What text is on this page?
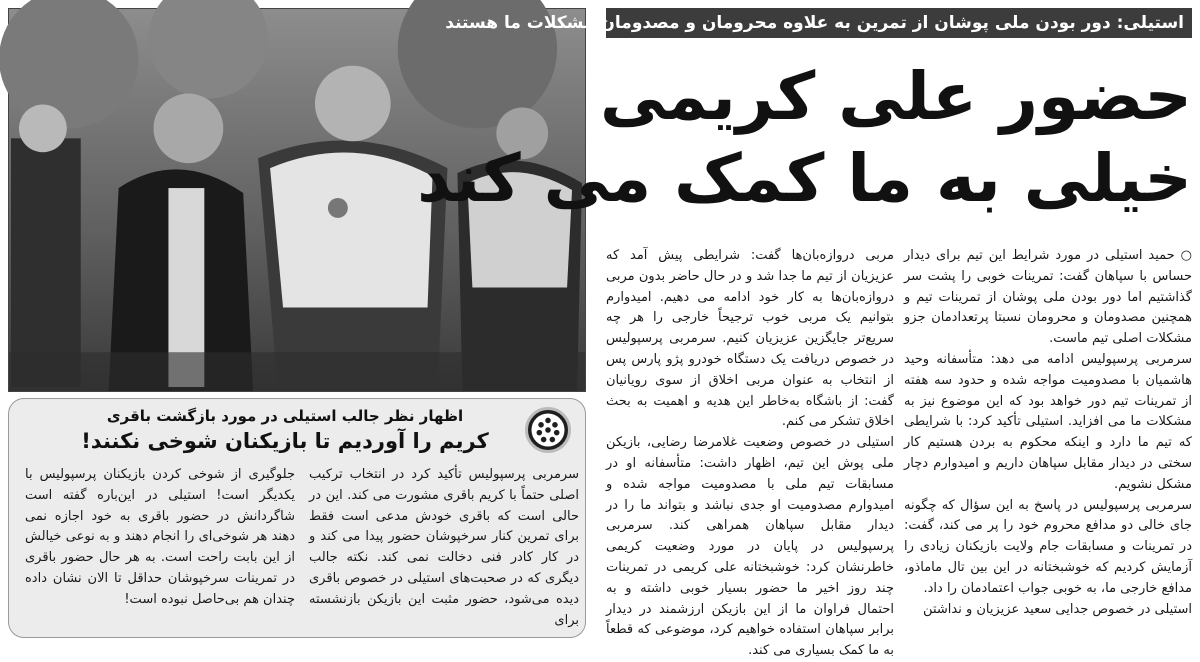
استیلی: دور بودن ملی پوشان از تمرین به علاوه محرومان و مصدومان مشکلات ما هستند
حضور علی کریمی
خیلی به ما کمک می کند

○ حمید استیلی در مورد شرایط این تیم برای دیدار حساس با سپاهان گفت: تمرینات خوبی را پشت سر گذاشتیم اما دور بودن ملی پوشان از تمرینات تیم و همچنین مصدومان و محرومان نسبتا پرتعدادمان جزو مشکلات اصلی تیم ماست.

سرمربی پرسپولیس ادامه می دهد: متأسفانه وحید هاشمیان با مصدومیت مواجه شده و حدود سه هفته از تمرینات تیم دور خواهد بود که این موضوع نیز به مشکلات ما می افزاید. استیلی تأکید کرد: با شرایطی که تیم ما دارد و اینکه محکوم به بردن هستیم کار سختی در دیدار مقابل سپاهان داریم و امیدوارم دچار مشکل نشویم.

سرمربی پرسپولیس در پاسخ به این سؤال که چگونه جای خالی دو مدافع محروم خود را پر می کند، گفت: در تمرینات و مسابقات جام ولایت بازیکنان زیادی را آزمایش کردیم که خوشبختانه در این بین تال ماماذو، مدافع خارجی ما، به خوبی جواب اعتمادمان را داد.

استیلی در خصوص جدایی سعید عزیزیان و نداشتن

مربی دروازه‌بان‌ها گفت: شرایطی پیش آمد که عزیزیان از تیم ما جدا شد و در حال حاضر بدون مربی دروازه‌بان‌ها به کار خود ادامه می دهیم. امیدوارم بتوانیم یک مربی خوب ترجیحاً خارجی را هر چه سریع‌تر جایگزین عزیزیان کنیم. سرمربی پرسپولیس در خصوص دریافت یک دستگاه خودرو پژو پارس پس از انتخاب به عنوان مربی اخلاق از سوی رویانیان گفت: از باشگاه به‌خاطر این هدیه و اهمیت به بحث اخلاق تشکر می کنم.

استیلی در خصوص وضعیت غلامرضا رضایی، بازیکن ملی پوش این تیم، اظهار داشت: متأسفانه او در مسابقات تیم ملی با مصدومیت مواجه شده و امیدوارم مصدومیت او جدی نباشد و بتواند ما را در دیدار مقابل سپاهان همراهی کند. سرمربی پرسپولیس در پایان در مورد وضعیت کریمی خاطرنشان کرد: خوشبختانه علی کریمی در تمرینات چند روز اخیر ما حضور بسیار خوبی داشته و به احتمال فراوان ما از این بازیکن ارزشمند در دیدار برابر سپاهان استفاده خواهیم کرد، موضوعی که قطعاً به ما کمک بسیاری می کند.

اظهار نظر جالب استیلی در مورد بازگشت باقری
کریم را آوردیم تا بازیکنان شوخی نکنند!
سرمربی پرسپولیس تأکید کرد در انتخاب ترکیب اصلی حتماً با کریم باقری مشورت می کند. این در حالی است که باقری خودش مدعی است فقط برای تمرین کنار سرخپوشان حضور پیدا می کند و در کار کادر فنی دخالت نمی کند. نکته جالب دیگری که در صحبت‌های استیلی در خصوص باقری دیده می‌شود، حضور مثبت این بازیکن بازنشسته برای
جلوگیری از شوخی کردن بازیکنان پرسپولیس با یکدیگر است! استیلی در این‌باره گفته است شاگردانش در حضور باقری به خود اجازه نمی دهند هر شوخی‌ای را انجام دهند و به نوعی خیالش از این بابت راحت است. به هر حال حضور باقری در تمرینات سرخپوشان حداقل تا الان نشان داده چندان هم بی‌حاصل نبوده است!
